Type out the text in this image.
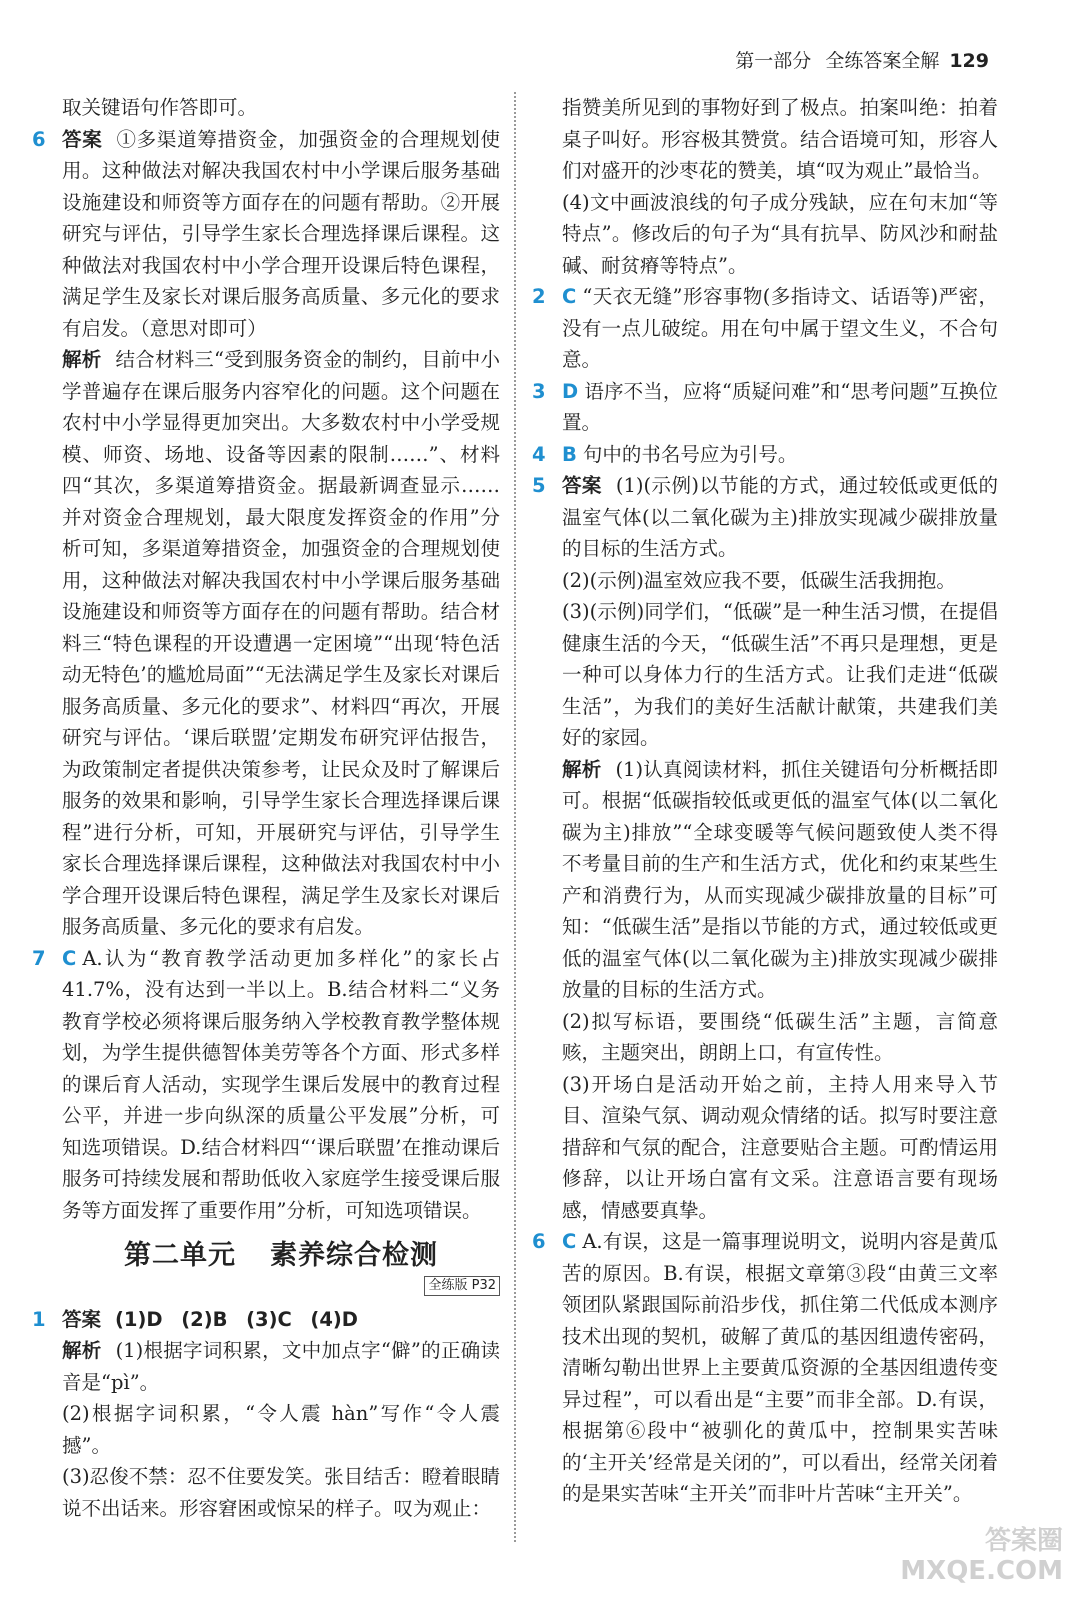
第一部分 全练答案全解 129

取关键语句作答即可。

6 答案 ①多渠道筹措资金，加强资金的合理规划使用。这种做法对解决我国农村中小学课后服务基础设施建设和师资等方面存在的问题有帮助。②开展研究与评估，引导学生家长合理选择课后课程。这种做法对我国农村中小学合理开设课后特色课程，满足学生及家长对课后服务高质量、多元化的要求有启发。（意思对即可）

解析 结合材料三“受到服务资金的制约，目前中小学普遍存在课后服务内容窄化的问题。这个问题在农村中小学显得更加突出。大多数农村中小学受规模、师资、场地、设备等因素的限制……”、材料四“其次，多渠道筹措资金。据最新调查显示……并对资金合理规划，最大限度发挥资金的作用”分析可知，多渠道筹措资金，加强资金的合理规划使用，这种做法对解决我国农村中小学课后服务基础设施建设和师资等方面存在的问题有帮助。结合材料三“特色课程的开设遭遇一定困境”“出现‘特色活动无特色’的尴尬局面”“无法满足学生及家长对课后服务高质量、多元化的要求”、材料四“再次，开展研究与评估。‘课后联盟’定期发布研究评估报告，为政策制定者提供决策参考，让民众及时了解课后服务的效果和影响，引导学生家长合理选择课后课程”进行分析，可知，开展研究与评估，引导学生家长合理选择课后课程，这种做法对我国农村中小学合理开设课后特色课程，满足学生及家长对课后服务高质量、多元化的要求有启发。

7 C A.认为“教育教学活动更加多样化”的家长占41.7%，没有达到一半以上。B.结合材料二“义务教育学校必须将课后服务纳入学校教育教学整体规划，为学生提供德智体美劳等各个方面、形式多样的课后育人活动，实现学生课后发展中的教育过程公平，并进一步向纵深的质量公平发展”分析，可知选项错误。D.结合材料四“‘课后联盟’在推动课后服务可持续发展和帮助低收入家庭学生接受课后服务等方面发挥了重要作用”分析，可知选项错误。

第二单元 素养综合检测
全练版 P32
1 答案 (1)D (2)B (3)C (4)D

解析 (1)根据字词积累，文中加点字“僻”的正确读音是“pì”。

(2)根据字词积累，“令人震 hàn”写作“令人震撼”。

(3)忍俊不禁：忍不住要发笑。张目结舌：瞪着眼睛说不出话来。形容窘困或惊呆的样子。叹为观止：

指赞美所见到的事物好到了极点。拍案叫绝：拍着桌子叫好。形容极其赞赏。结合语境可知，形容人们对盛开的沙枣花的赞美，填“叹为观止”最恰当。

(4)文中画波浪线的句子成分残缺，应在句末加“等特点”。修改后的句子为“具有抗旱、防风沙和耐盐碱、耐贫瘠等特点”。

2 C “天衣无缝”形容事物(多指诗文、话语等)严密，没有一点儿破绽。用在句中属于望文生义，不合句意。

3 D 语序不当，应将“质疑问难”和“思考问题”互换位置。

4 B 句中的书名号应为引号。

5 答案 (1)(示例)以节能的方式，通过较低或更低的温室气体(以二氧化碳为主)排放实现减少碳排放量的目标的生活方式。

(2)(示例)温室效应我不要，低碳生活我拥抱。

(3)(示例)同学们，“低碳”是一种生活习惯，在提倡健康生活的今天，“低碳生活”不再只是理想，更是一种可以身体力行的生活方式。让我们走进“低碳生活”，为我们的美好生活献计献策，共建我们美好的家园。

解析 (1)认真阅读材料，抓住关键语句分析概括即可。根据“低碳指较低或更低的温室气体(以二氧化碳为主)排放”“全球变暖等气候问题致使人类不得不考量目前的生产和生活方式，优化和约束某些生产和消费行为，从而实现减少碳排放量的目标”可知：“低碳生活”是指以节能的方式，通过较低或更低的温室气体(以二氧化碳为主)排放实现减少碳排放量的目标的生活方式。

(2)拟写标语，要围绕“低碳生活”主题，言简意赅，主题突出，朗朗上口，有宣传性。

(3)开场白是活动开始之前，主持人用来导入节目、渲染气氛、调动观众情绪的话。拟写时要注意措辞和气氛的配合，注意要贴合主题。可酌情运用修辞，以让开场白富有文采。注意语言要有现场感，情感要真挚。

6 C A.有误，这是一篇事理说明文，说明内容是黄瓜苦的原因。B.有误，根据文章第③段“由黄三文率领团队紧跟国际前沿步伐，抓住第二代低成本测序技术出现的契机，破解了黄瓜的基因组遗传密码，清晰勾勒出世界上主要黄瓜资源的全基因组遗传变异过程”，可以看出是“主要”而非全部。D.有误，根据第⑥段中“被驯化的黄瓜中，控制果实苦味的‘主开关’经常是关闭的”，可以看出，经常关闭着的是果实苦味“主开关”而非叶片苦味“主开关”。

答案圈
MXQE.COM
